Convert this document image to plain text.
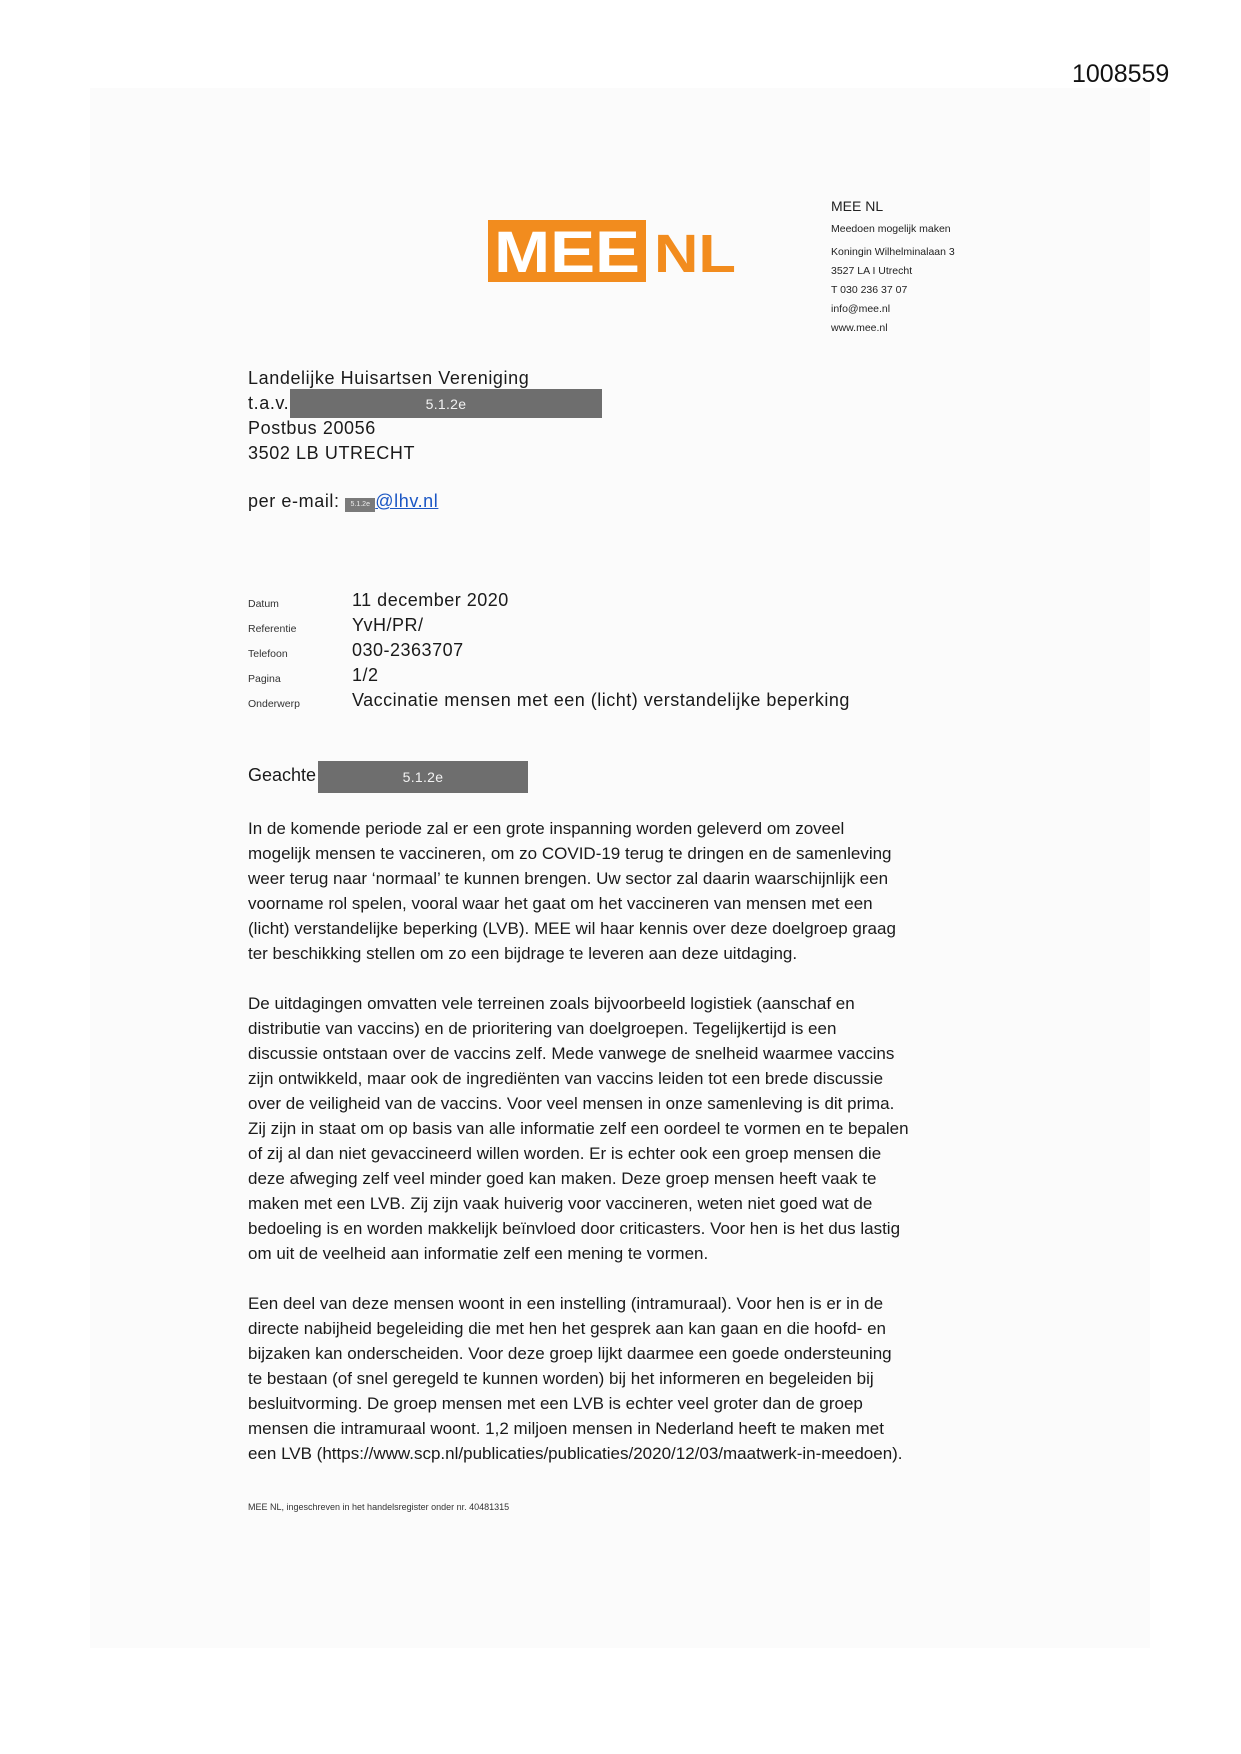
1008559
MEE NL
MEE NL
Meedoen mogelijk maken
Koningin Wilhelminalaan 3
3527 LA I Utrecht
T 030 236 37 07
info@mee.nl
www.mee.nl
Landelijke Huisartsen Vereniging
t.a.v.
Postbus 20056
3502 LB UTRECHT
5.1.2e
per e-mail: 5.1.2e @lhv.nl
Datum	11 december 2020
Referentie	YvH/PR/
Telefoon	030-2363707
Pagina	1/2
Onderwerp	Vaccinatie mensen met een (licht) verstandelijke beperking
Geachte	5.1.2e

In de komende periode zal er een grote inspanning worden geleverd om zoveel
mogelijk mensen te vaccineren, om zo COVID-19 terug te dringen en de samenleving
weer terug naar ‘normaal’ te kunnen brengen. Uw sector zal daarin waarschijnlijk een
voorname rol spelen, vooral waar het gaat om het vaccineren van mensen met een
(licht) verstandelijke beperking (LVB). MEE wil haar kennis over deze doelgroep graag
ter beschikking stellen om zo een bijdrage te leveren aan deze uitdaging.

De uitdagingen omvatten vele terreinen zoals bijvoorbeeld logistiek (aanschaf en
distributie van vaccins) en de prioritering van doelgroepen. Tegelijkertijd is een
discussie ontstaan over de vaccins zelf. Mede vanwege de snelheid waarmee vaccins
zijn ontwikkeld, maar ook de ingrediënten van vaccins leiden tot een brede discussie
over de veiligheid van de vaccins. Voor veel mensen in onze samenleving is dit prima.
Zij zijn in staat om op basis van alle informatie zelf een oordeel te vormen en te bepalen
of zij al dan niet gevaccineerd willen worden. Er is echter ook een groep mensen die
deze afweging zelf veel minder goed kan maken. Deze groep mensen heeft vaak te
maken met een LVB. Zij zijn vaak huiverig voor vaccineren, weten niet goed wat de
bedoeling is en worden makkelijk beïnvloed door criticasters. Voor hen is het dus lastig
om uit de veelheid aan informatie zelf een mening te vormen.

Een deel van deze mensen woont in een instelling (intramuraal). Voor hen is er in de
directe nabijheid begeleiding die met hen het gesprek aan kan gaan en die hoofd- en
bijzaken kan onderscheiden. Voor deze groep lijkt daarmee een goede ondersteuning
te bestaan (of snel geregeld te kunnen worden) bij het informeren en begeleiden bij
besluitvorming. De groep mensen met een LVB is echter veel groter dan de groep
mensen die intramuraal woont. 1,2 miljoen mensen in Nederland heeft te maken met
een LVB (https://www.scp.nl/publicaties/publicaties/2020/12/03/maatwerk-in-meedoen).

MEE NL, ingeschreven in het handelsregister onder nr. 40481315
